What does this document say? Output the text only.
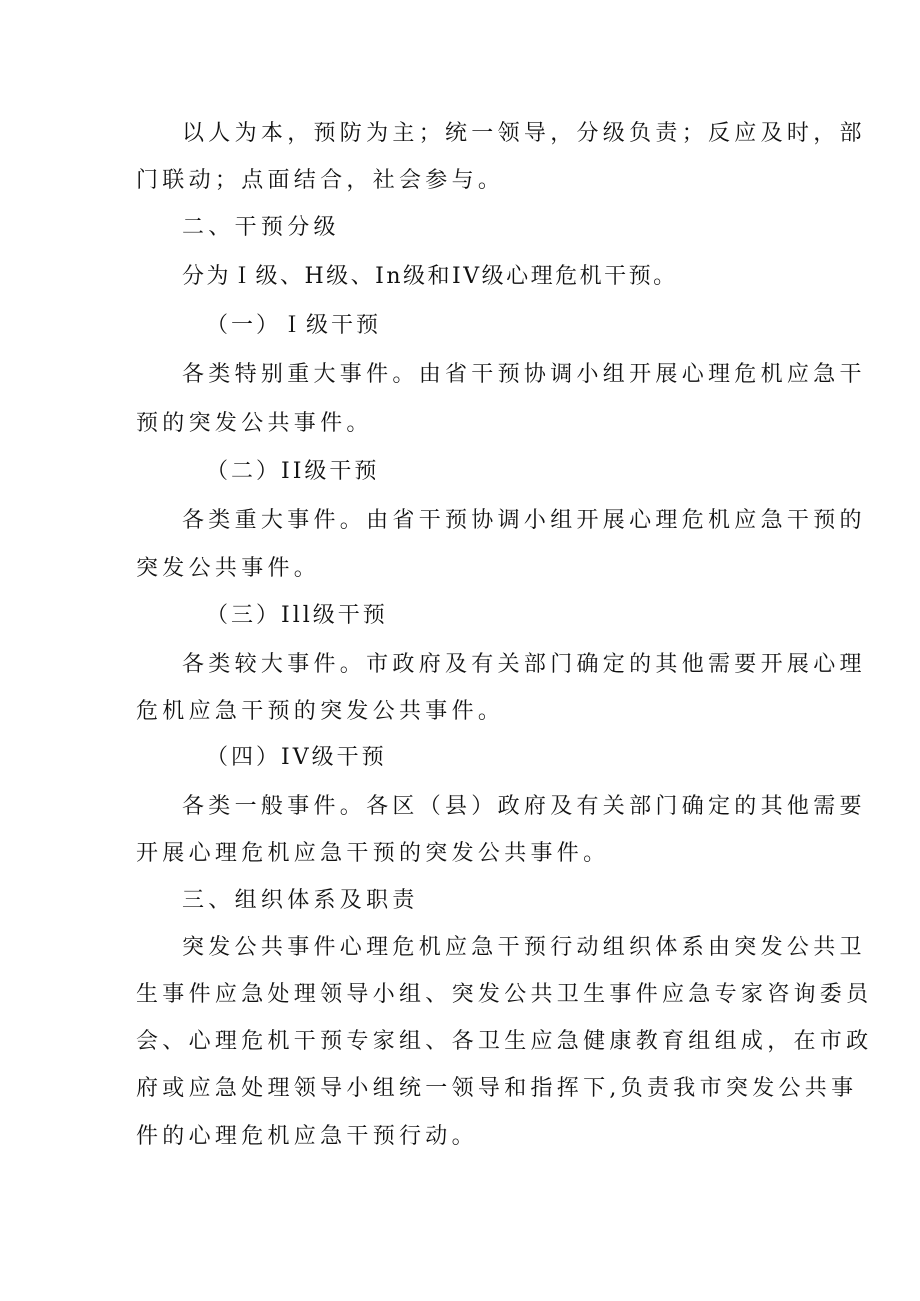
以人为本，预防为主；统一领导，分级负责；反应及时，部
门联动；点面结合，社会参与。
二、干预分级
分为Ｉ级、H级、In级和IV级心理危机干预。
（一）Ｉ级干预
各类特别重大事件。由省干预协调小组开展心理危机应急干
预的突发公共事件。
（二）II级干预
各类重大事件。由省干预协调小组开展心理危机应急干预的
突发公共事件。
（三）Ill级干预
各类较大事件。市政府及有关部门确定的其他需要开展心理
危机应急干预的突发公共事件。
（四）IV级干预
各类一般事件。各区（县）政府及有关部门确定的其他需要
开展心理危机应急干预的突发公共事件。
三、组织体系及职责
突发公共事件心理危机应急干预行动组织体系由突发公共卫
生事件应急处理领导小组、突发公共卫生事件应急专家咨询委员
会、心理危机干预专家组、各卫生应急健康教育组组成，在市政
府或应急处理领导小组统一领导和指挥下,负责我市突发公共事
件的心理危机应急干预行动。
